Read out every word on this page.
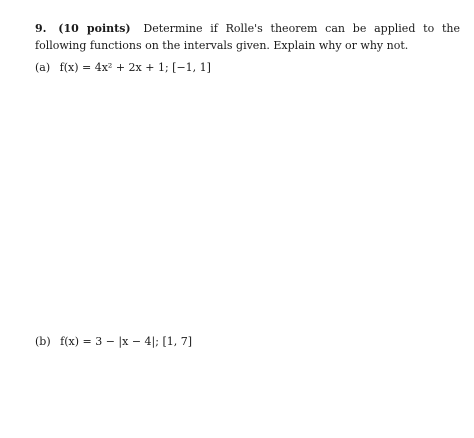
9. (10 points) Determine if Rolle's theorem can be applied to the following functions on the intervals given. Explain why or why not.
(a) f(x) = 4x² + 2x + 1; [−1, 1]
(b) f(x) = 3 − |x − 4|; [1, 7]
